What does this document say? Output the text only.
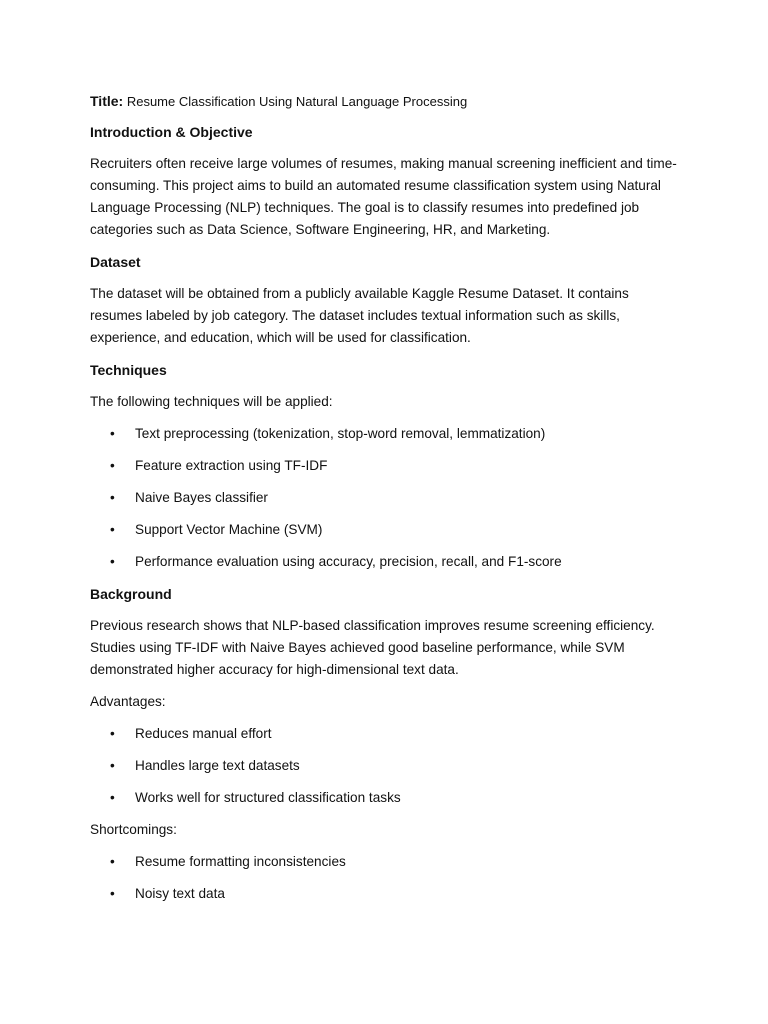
Title: Resume Classification Using Natural Language Processing
Introduction & Objective

Recruiters often receive large volumes of resumes, making manual screening inefficient and time-consuming. This project aims to build an automated resume classification system using Natural Language Processing (NLP) techniques. The goal is to classify resumes into predefined job categories such as Data Science, Software Engineering, HR, and Marketing.

Dataset

The dataset will be obtained from a publicly available Kaggle Resume Dataset. It contains resumes labeled by job category. The dataset includes textual information such as skills, experience, and education, which will be used for classification.

Techniques

The following techniques will be applied:

• Text preprocessing (tokenization, stop-word removal, lemmatization)
• Feature extraction using TF-IDF
• Naive Bayes classifier
• Support Vector Machine (SVM)
• Performance evaluation using accuracy, precision, recall, and F1-score
Background

Previous research shows that NLP-based classification improves resume screening efficiency. Studies using TF-IDF with Naive Bayes achieved good baseline performance, while SVM demonstrated higher accuracy for high-dimensional text data.

Advantages:

• Reduces manual effort
• Handles large text datasets
• Works well for structured classification tasks

Shortcomings:

• Resume formatting inconsistencies
• Noisy text data
